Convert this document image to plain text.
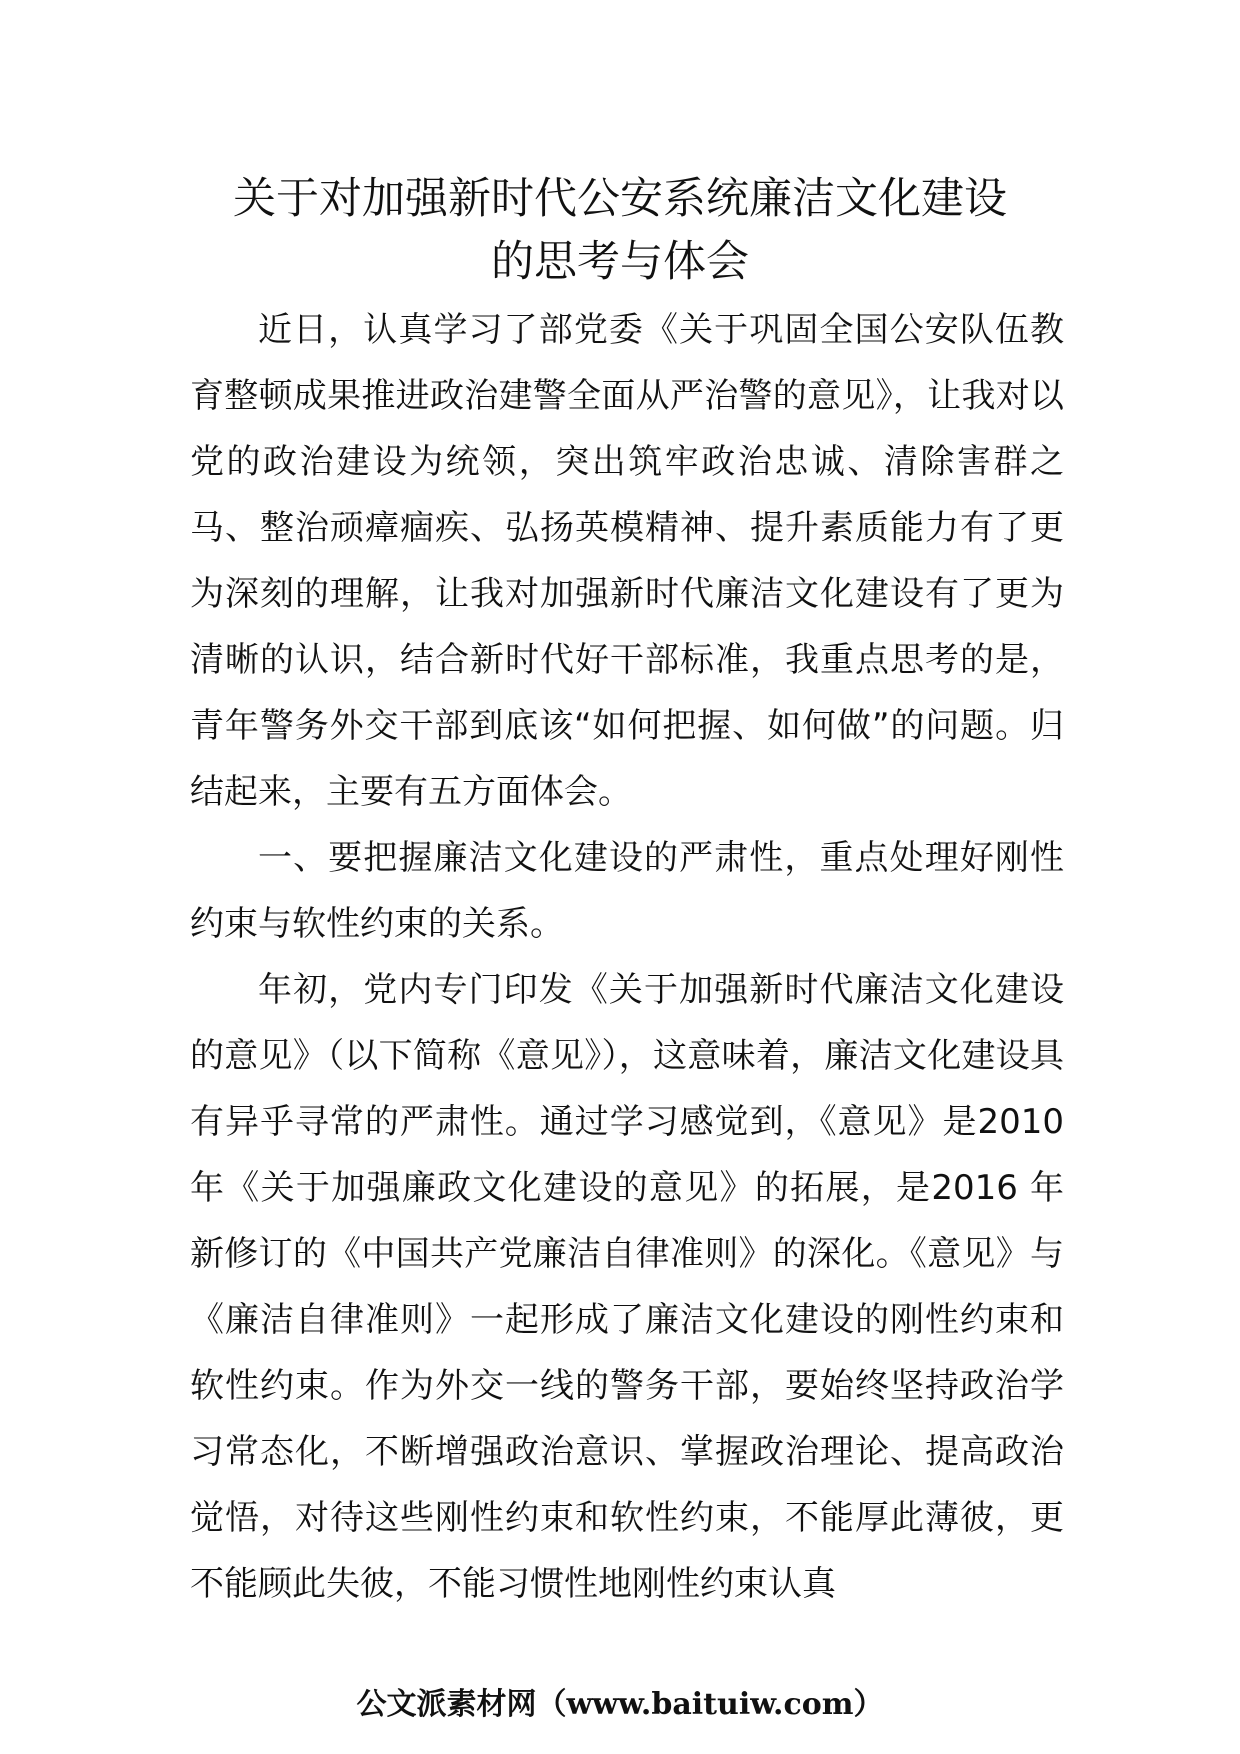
关于对加强新时代公安系统廉洁文化建设
的思考与体会

近日，认真学习了部党委《关于巩固全国公安队伍教育整顿成果推进政治建警全面从严治警的意见》，让我对以党的政治建设为统领，突出筑牢政治忠诚、清除害群之马、整治顽瘴痼疾、弘扬英模精神、提升素质能力有了更为深刻的理解，让我对加强新时代廉洁文化建设有了更为清晰的认识，结合新时代好干部标准，我重点思考的是，青年警务外交干部到底该“如何把握、如何做”的问题。归结起来，主要有五方面体会。

一、要把握廉洁文化建设的严肃性，重点处理好刚性约束与软性约束的关系。

年初，党内专门印发《关于加强新时代廉洁文化建设的意见》（以下简称《意见》），这意味着，廉洁文化建设具有异乎寻常的严肃性。通过学习感觉到，《意见》是2010 年《关于加强廉政文化建设的意见》的拓展，是2016 年新修订的《中国共产党廉洁自律准则》的深化。《意见》与《廉洁自律准则》一起形成了廉洁文化建设的刚性约束和软性约束。作为外交一线的警务干部，要始终坚持政治学习常态化，不断增强政治意识、掌握政治理论、提高政治觉悟，对待这些刚性约束和软性约束，不能厚此薄彼，更不能顾此失彼，不能习惯性地刚性约束认真

公文派素材网（www.baituiw.com）
